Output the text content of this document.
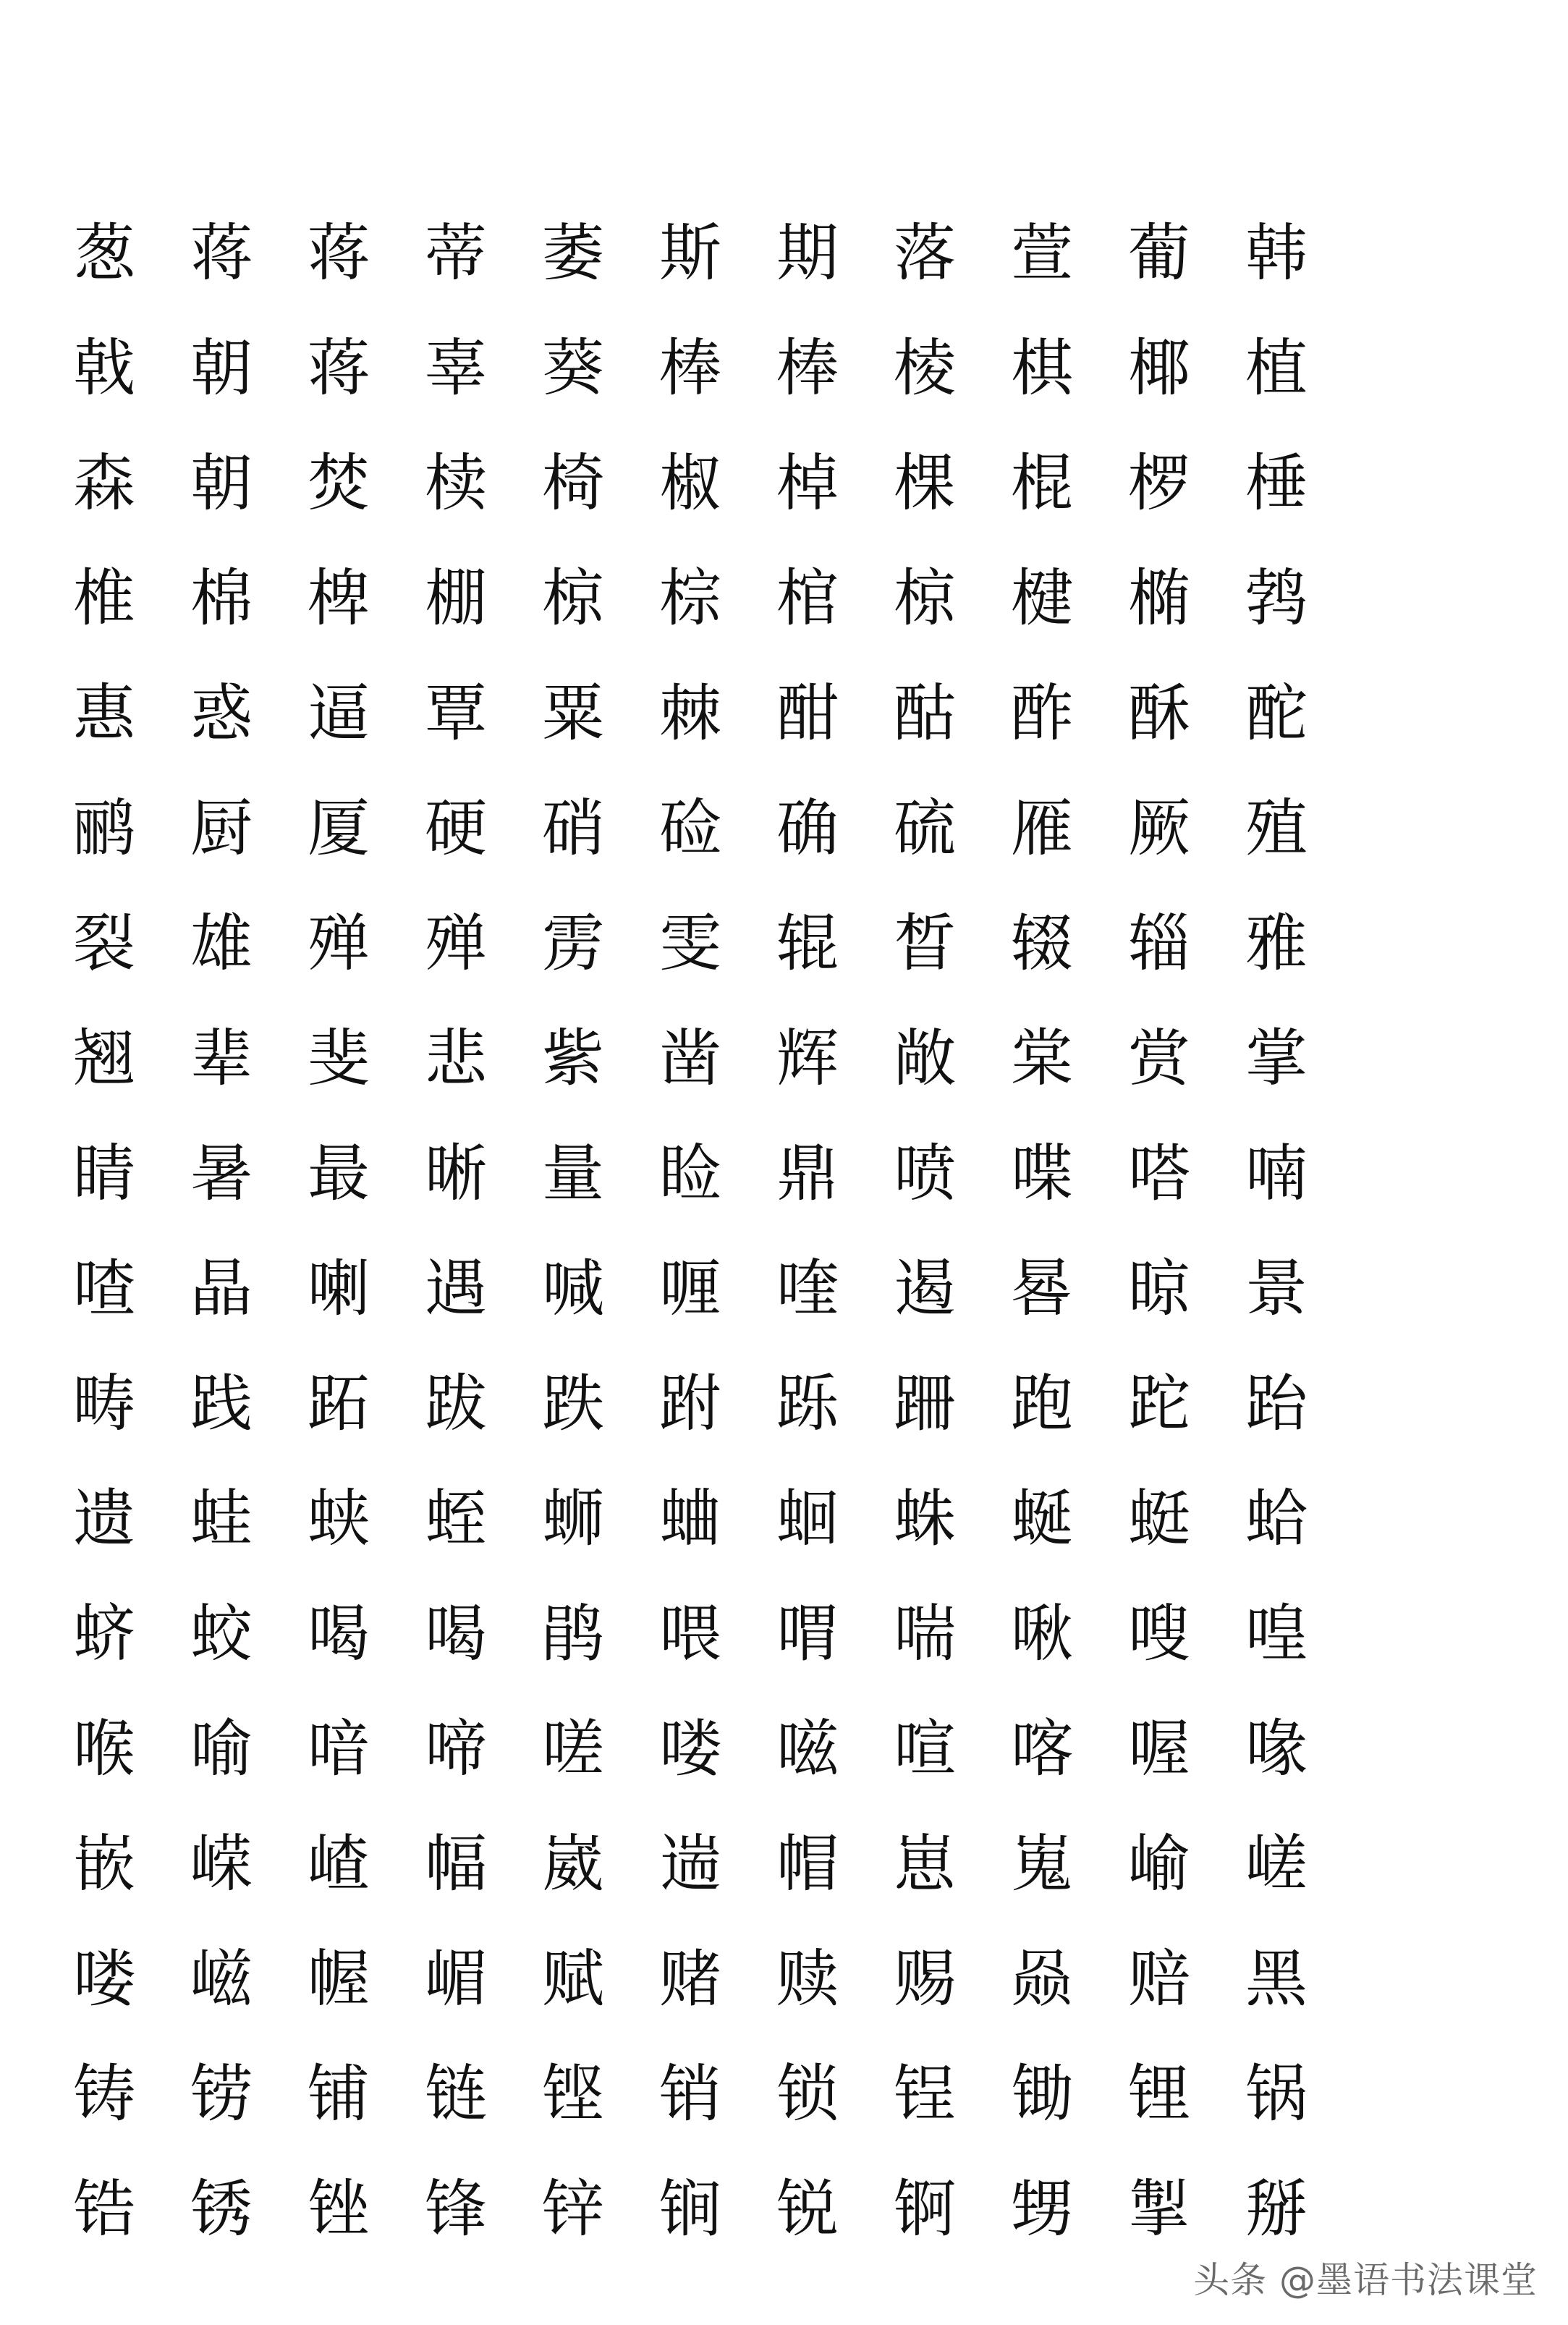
葱 蒋 蒋 蒂 萎 斯 期 落 萱 葡 韩
戟 朝 蒋 辜 葵 棒 棒 棱 棋 椰 植
森 朝 焚 椟 椅 椒 棹 棵 棍 椤 棰
椎 棉 椑 棚 椋 棕 棺 椋 楗 椭 鹁
惠 惑 逼 覃 粟 棘 酣 酤 酢 酥 酡
鹂 厨 厦 硬 硝 硷 确 硫 雁 厥 殖
裂 雄 殚 殚 雳 雯 辊 晳 辍 辎 雅
翘 辈 斐 悲 紫 凿 辉 敞 棠 赏 掌
睛 暑 最 晰 量 睑 鼎 喷 喋 嗒 喃
喳 晶 喇 遇 喊 喱 喹 遏 晷 晾 景
畴 践 跖 跋 跌 跗 跞 跚 跑 跎 跆
遗 蛙 蛱 蛭 蛳 蛐 蛔 蛛 蜒 蜓 蛤
蛴 蛟 喝 喝 鹃 喂 喟 喘 啾 嗖 喤
喉 喻 喑 啼 嗟 喽 嗞 喧 喀 喔 喙
嵌 嵘 嵖 幅 崴 遄 帽 崽 嵬 崳 嵯
喽 嵫 幄 嵋 赋 赌 赎 赐 赑 赔 黑
铸 铹 铺 链 铿 销 锁 锃 锄 锂 锅
锆 锈 锉 锋 锌 锏 锐 锕 甥 掣 掰
头条 @墨语书法课堂
